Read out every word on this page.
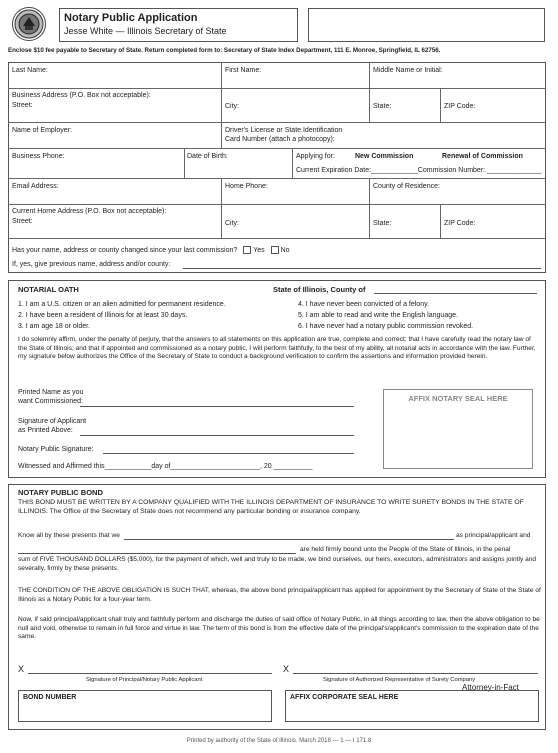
Notary Public Application
Jesse White — Illinois Secretary of State
Enclose $10 fee payable to Secretary of State. Return completed form to: Secretary of State Index Department, 111 E. Monroe, Springfield, IL 62756.
Last Name:	First Name:	Middle Name or Initial:
Business Address (P.O. Box not acceptable):
Street:	City:	State:	ZIP Code:
Name of Employer:	Driver's License or State Identification
Card Number (attach a photocopy):
Business Phone:	Date of Birth:	Applying for:	New Commission	Renewal of Commission
Current Expiration Date:____________Commission Number: ______________
Email Address:	Home Phone:	County of Residence:
Current Home Address (P.O. Box not acceptable):
Street:	City:	State:	ZIP Code:
Has your name, address or county changed since your last commission? Yes No
If, yes, give previous name, address and/or county:
NOTARIAL OATH	State of Illinois, County of
1. I am a U.S. citizen or an alien admitted for permanent residence.
2. I have been a resident of Illinois for at least 30 days.
3. I am age 18 or older.
4. I have never been convicted of a felony.
5. I am able to read and write the English language.
6. I have never had a notary public commission revoked.
I do solemnly affirm, under the penalty of perjury, that the answers to all statements on this application are true, complete and correct; that I have carefully read the notary law of the State of Illinois; and that if appointed and commissioned as a notary public, I will perform faithfully, to the best of my ability, all notarial acts in accordance with the law. Further, my signature below authorizes the Office of the Secretary of State to conduct a background verification to confirm the assertions and information provided herein.
Printed Name as you
want Commissioned:
Signature of Applicant
as Printed Above:
Notary Public Signature:
Witnessed and Affirmed this____________day of_______________________, 20 __________
AFFIX NOTARY SEAL HERE
NOTARY PUBLIC BOND
THIS BOND MUST BE WRITTEN BY A COMPANY QUALIFIED WITH THE ILLINOIS DEPARTMENT OF INSURANCE TO WRITE SURETY BONDS IN THE STATE OF ILLINOIS. The Office of the Secretary of State does not recommend any particular bonding or insurance company.
Know all by these presents that we	as principal/applicant and
are held firmly bound unto the People of the State of Illinois, in the penal
sum of FIVE THOUSAND DOLLARS ($5,000), for the payment of which, well and truly to be made, we bind ourselves, our heirs, executors, administrators and assigns jointly and severally, firmly by these presents.
THE CONDITION OF THE ABOVE OBLIGATION IS SUCH THAT, whereas, the above bond principal/applicant has applied for appointment by the Secretary of State of the State of Illinois as a Notary Public for a four-year term.
Now, if said principal/applicant shall truly and faithfully perform and discharge the duties of said office of Notary Public, in all things according to law, then the above obligation to be null and void, otherwise to remain in full force and virtue in law. The term of this bond is from the effective date of the principal's/applicant's commission to the expiration date of the same.
X
Signature of Principal/Notary Public Applicant
X
Signature of Authorized Representative of Surety Company
Attorney-in-Fact
BOND NUMBER	AFFIX CORPORATE SEAL HERE
Printed by authority of the State of Illinois. March 2018 — 1 — I 171.8
